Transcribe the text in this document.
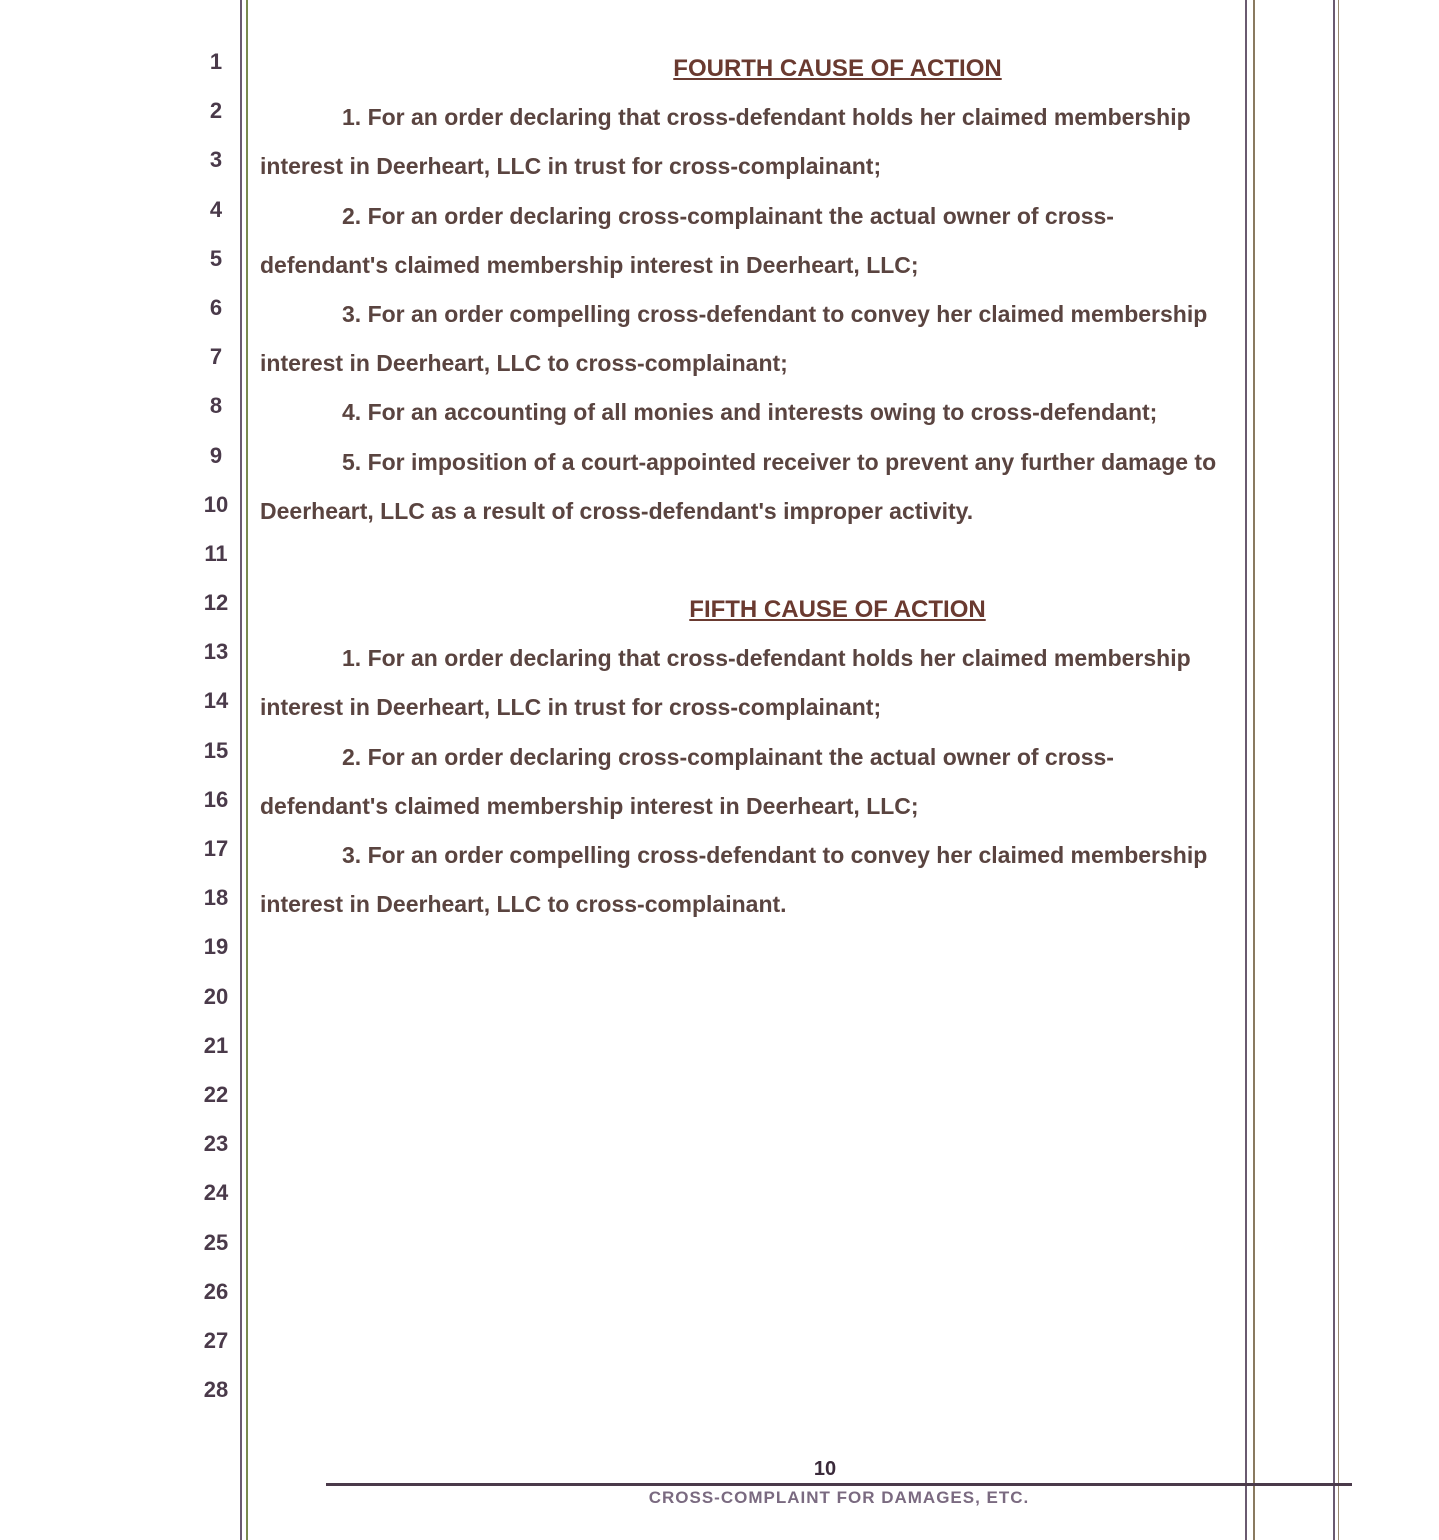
1
2
3
4
5
6
7
8
9
10
11
12
13
14
15
16
17
18
19
20
21
22
23
24
25
26
27
28
FOURTH CAUSE OF ACTION
1. For an order declaring that cross-defendant holds her claimed membership
interest in Deerheart, LLC in trust for cross-complainant;
2. For an order declaring cross-complainant the actual owner of cross-
defendant's claimed membership interest in Deerheart, LLC;
3. For an order compelling cross-defendant to convey her claimed membership
interest in Deerheart, LLC to cross-complainant;
4. For an accounting of all monies and interests owing to cross-defendant;
5. For imposition of a court-appointed receiver to prevent any further damage to
Deerheart, LLC as a result of cross-defendant's improper activity.
FIFTH CAUSE OF ACTION
1. For an order declaring that cross-defendant holds her claimed membership
interest in Deerheart, LLC in trust for cross-complainant;
2. For an order declaring cross-complainant the actual owner of cross-
defendant's claimed membership interest in Deerheart, LLC;
3. For an order compelling cross-defendant to convey her claimed membership
interest in Deerheart, LLC to cross-complainant.
10
CROSS-COMPLAINT FOR DAMAGES, ETC.
